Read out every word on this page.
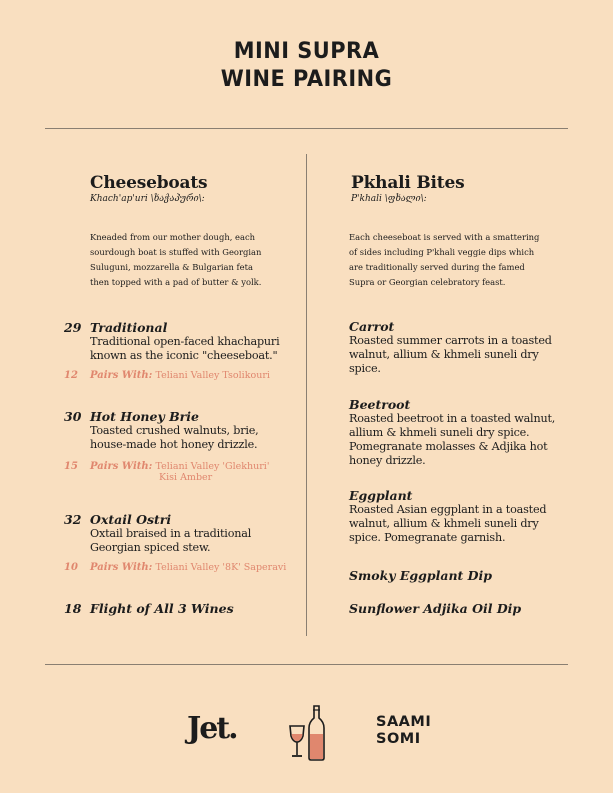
MINI SUPRA
WINE PAIRING
Cheeseboats
Khach'ap'uri \ხაჭაპური\:
Kneaded from our mother dough, each
sourdough boat is stuffed with Georgian
Suluguni, mozzarella & Bulgarian feta
then topped with a pad of butter & yolk.
29 Traditional
Traditional open-faced khachapuri
known as the iconic "cheeseboat."
12 Pairs With: Teliani Valley Tsolikouri
30 Hot Honey Brie
Toasted crushed walnuts, brie,
house-made hot honey drizzle.
15 Pairs With: Teliani Valley 'Glekhuri'
Kisi Amber
32 Oxtail Ostri
Oxtail braised in a traditional
Georgian spiced stew.
10 Pairs With: Teliani Valley '8K' Saperavi
18 Flight of All 3 Wines
Pkhali Bites
P'khali \ფხალი\:
Each cheeseboat is served with a smattering
of sides including P'khali veggie dips which
are traditionally served during the famed
Supra or Georgian celebratory feast.
Carrot
Roasted summer carrots in a toasted
walnut, allium & khmeli suneli dry
spice.
Beetroot
Roasted beetroot in a toasted walnut,
allium & khmeli suneli dry spice.
Pomegranate molasses & Adjika hot
honey drizzle.
Eggplant
Roasted Asian eggplant in a toasted
walnut, allium & khmeli suneli dry
spice. Pomegranate garnish.
Smoky Eggplant Dip
Sunflower Adjika Oil Dip
Jet.	SAAMI
SOMI
